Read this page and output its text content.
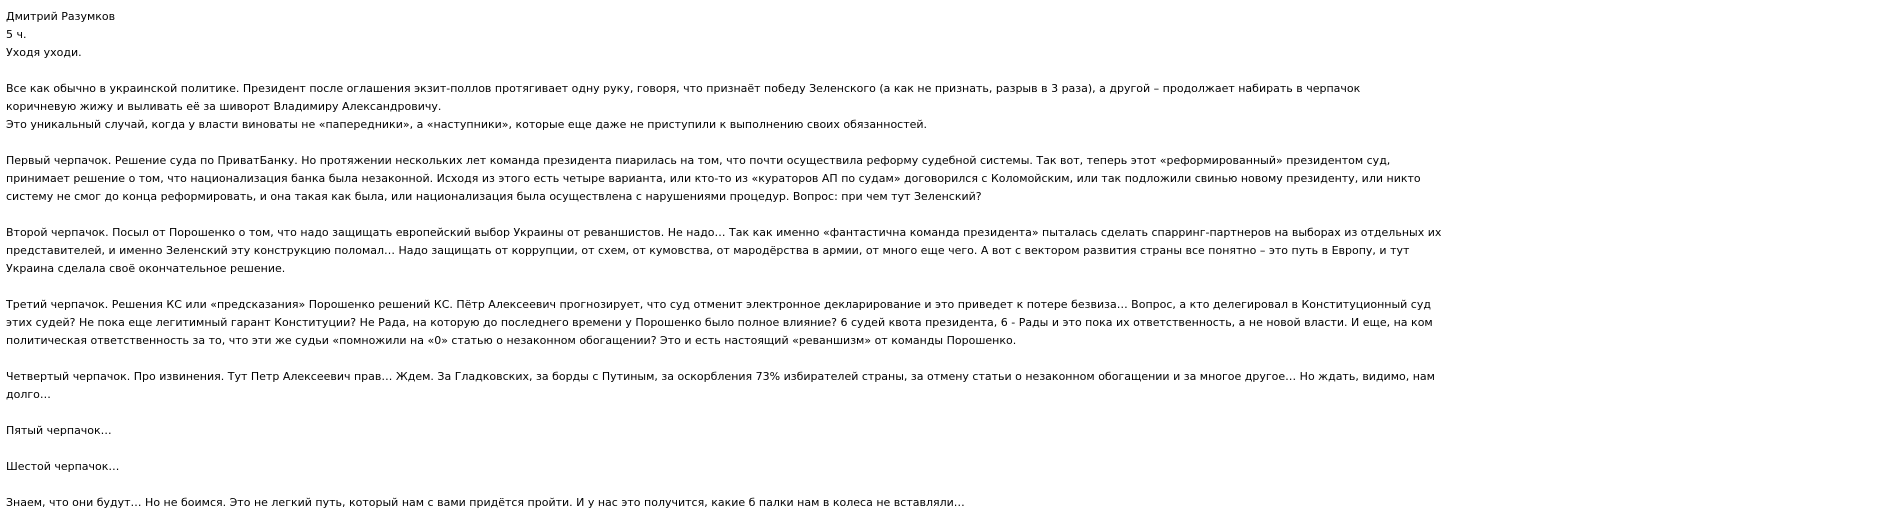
Дмитрий Разумков
5 ч.
Уходя уходи.
Все как обычно в украинской политике. Президент после оглашения экзит-поллов протягивает одну руку, говоря, что признаёт победу Зеленского (а как не признать, разрыв в 3 раза), а другой – продолжает набирать в черпачок
коричневую жижу и выливать её за шиворот Владимиру Александровичу.
Это уникальный случай, когда у власти виноваты не «папередники», а «наступники», которые еще даже не приступили к выполнению своих обязанностей.
Первый черпачок. Решение суда по ПриватБанку. Но протяжении нескольких лет команда президента пиарилась на том, что почти осуществила реформу судебной системы. Так вот, теперь этот «реформированный» президентом суд,
принимает решение о том, что национализация банка была незаконной. Исходя из этого есть четыре варианта, или кто-то из «кураторов АП по судам» договорился с Коломойским, или так подложили свинью новому президенту, или никто
систему не смог до конца реформировать, и она такая как была, или национализация была осуществлена с нарушениями процедур. Вопрос: при чем тут Зеленский?
Второй черпачок. Посыл от Порошенко о том, что надо защищать европейский выбор Украины от реваншистов. Не надо… Так как именно «фантастична команда президента» пыталась сделать спарринг-партнеров на выборах из отдельных их
представителей, и именно Зеленский эту конструкцию поломал… Надо защищать от коррупции, от схем, от кумовства, от мародёрства в армии, от много еще чего. А вот с вектором развития страны все понятно – это путь в Европу, и тут
Украина сделала своё окончательное решение.
Третий черпачок. Решения КС или «предсказания» Порошенко решений КС. Пётр Алексеевич прогнозирует, что суд отменит электронное декларирование и это приведет к потере безвиза… Вопрос, а кто делегировал в Конституционный суд
этих судей? Не пока еще легитимный гарант Конституции? Не Рада, на которую до последнего времени у Порошенко было полное влияние? 6 судей квота президента, 6 - Рады и это пока их ответственность, а не новой власти. И еще, на ком
политическая ответственность за то, что эти же судьи «помножили на «0» статью о незаконном обогащении? Это и есть настоящий «реваншизм» от команды Порошенко.
Четвертый черпачок. Про извинения. Тут Петр Алексеевич прав… Ждем. За Гладковских, за борды с Путиным, за оскорбления 73% избирателей страны, за отмену статьи о незаконном обогащении и за многое другое… Но ждать, видимо, нам
долго…
Пятый черпачок…
Шестой черпачок…
Знаем, что они будут… Но не боимся. Это не легкий путь, который нам с вами придётся пройти. И у нас это получится, какие б палки нам в колеса не вставляли…
